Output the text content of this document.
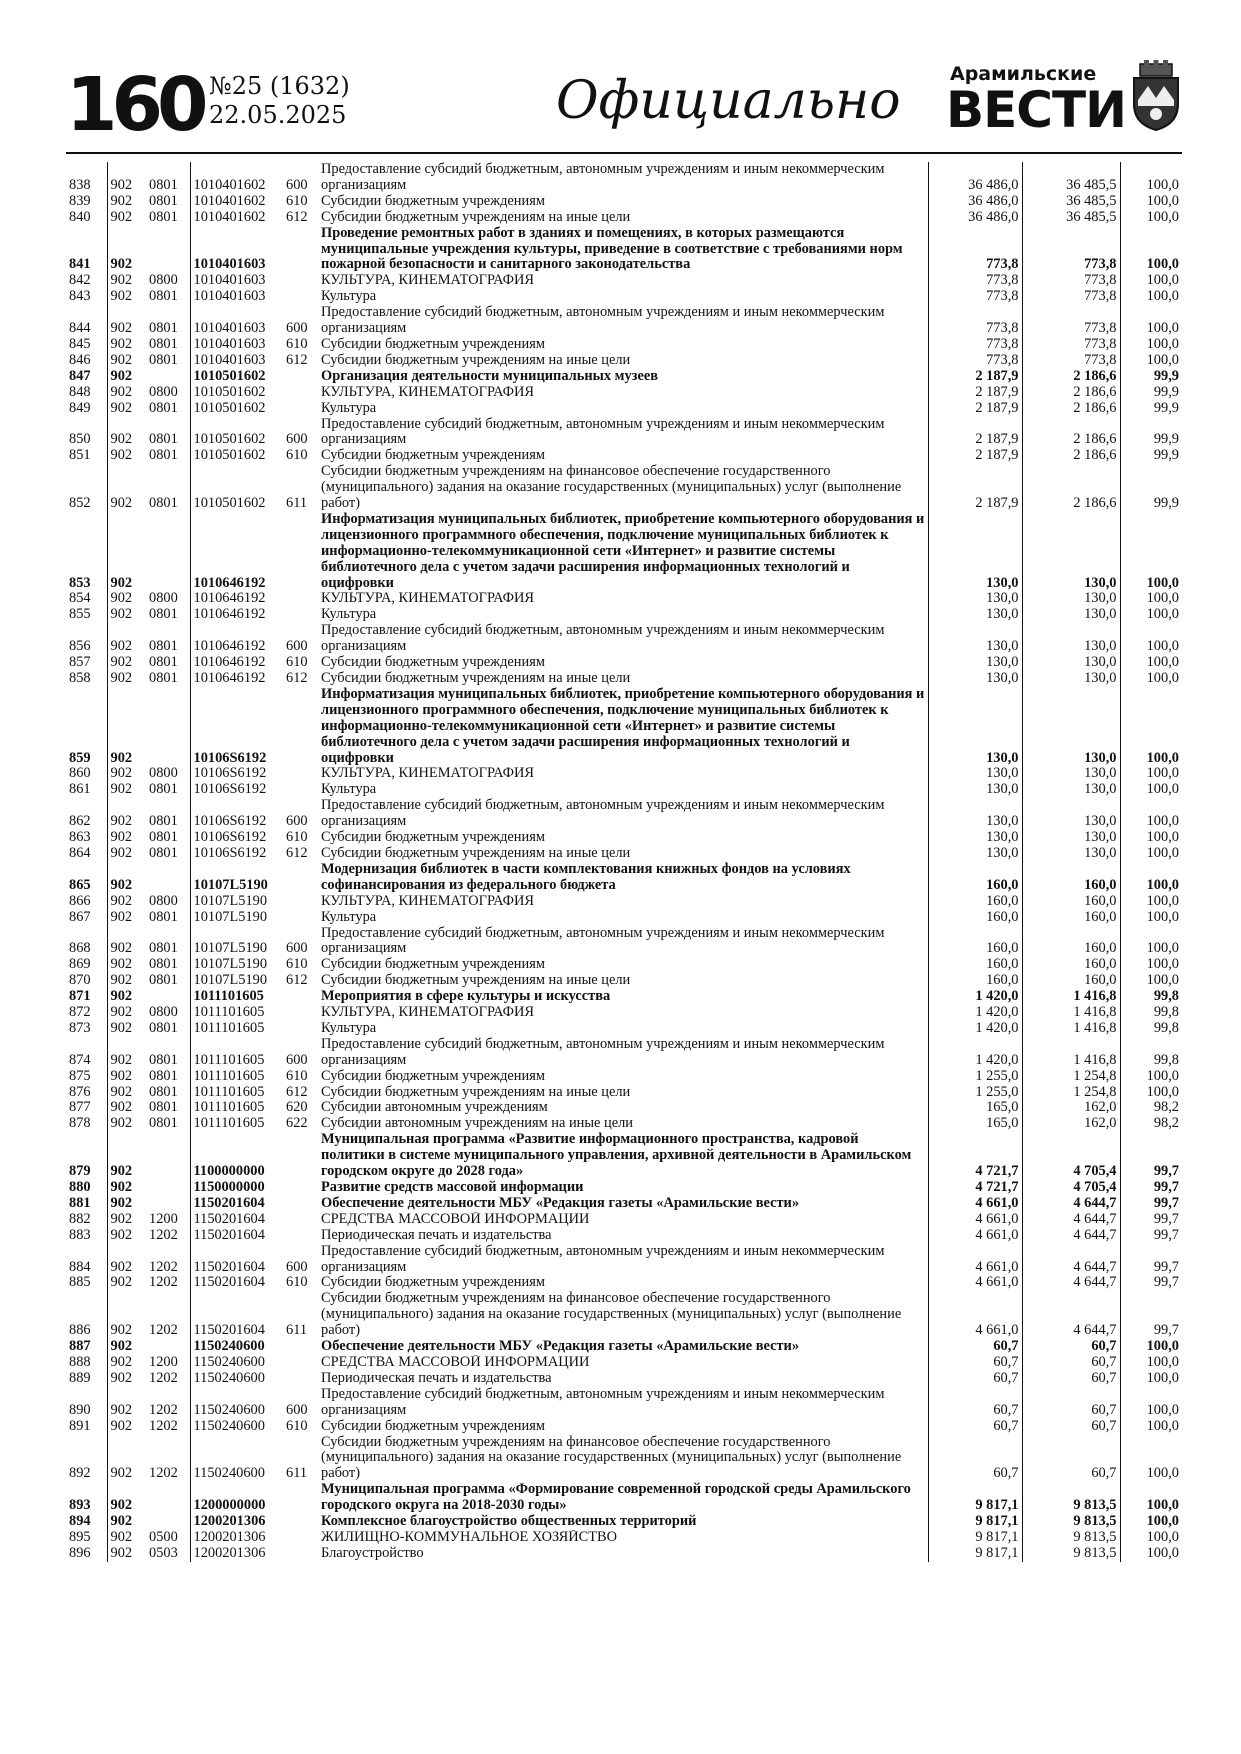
160 №25 (1632)
22.05.2025	Официально	Арамильские
ВЕСТИ
838	902	0801	1010401602	600	Предоставление субсидий бюджетным, автономным учреждениям и иным некоммерческим организациям	36 486,0	36 485,5	100,0
839	902	0801	1010401602	610	Субсидии бюджетным учреждениям	36 486,0	36 485,5	100,0
840	902	0801	1010401602	612	Субсидии бюджетным учреждениям на иные цели	36 486,0	36 485,5	100,0
841	902		1010401603		Проведение ремонтных работ в зданиях и помещениях, в которых размещаются муниципальные учреждения культуры, приведение в соответствие с требованиями норм пожарной безопасности и санитарного законодательства	773,8	773,8	100,0
842	902	0800	1010401603		КУЛЬТУРА, КИНЕМАТОГРАФИЯ	773,8	773,8	100,0
843	902	0801	1010401603		Культура	773,8	773,8	100,0
844	902	0801	1010401603	600	Предоставление субсидий бюджетным, автономным учреждениям и иным некоммерческим организациям	773,8	773,8	100,0
845	902	0801	1010401603	610	Субсидии бюджетным учреждениям	773,8	773,8	100,0
846	902	0801	1010401603	612	Субсидии бюджетным учреждениям на иные цели	773,8	773,8	100,0
847	902		1010501602		Организация деятельности муниципальных музеев	2 187,9	2 186,6	99,9
848	902	0800	1010501602		КУЛЬТУРА, КИНЕМАТОГРАФИЯ	2 187,9	2 186,6	99,9
849	902	0801	1010501602		Культура	2 187,9	2 186,6	99,9
850	902	0801	1010501602	600	Предоставление субсидий бюджетным, автономным учреждениям и иным некоммерческим организациям	2 187,9	2 186,6	99,9
851	902	0801	1010501602	610	Субсидии бюджетным учреждениям	2 187,9	2 186,6	99,9
852	902	0801	1010501602	611	Субсидии бюджетным учреждениям на финансовое обеспечение государственного (муниципального) задания на оказание государственных (муниципальных) услуг (выполнение работ)	2 187,9	2 186,6	99,9
853	902		1010646192		Информатизация муниципальных библиотек, приобретение компьютерного оборудования и лицензионного программного обеспечения, подключение муниципальных библиотек к информационно-телекоммуникационной сети «Интернет» и развитие системы библиотечного дела с учетом задачи расширения информационных технологий и оцифровки	130,0	130,0	100,0
854	902	0800	1010646192		КУЛЬТУРА, КИНЕМАТОГРАФИЯ	130,0	130,0	100,0
855	902	0801	1010646192		Культура	130,0	130,0	100,0
856	902	0801	1010646192	600	Предоставление субсидий бюджетным, автономным учреждениям и иным некоммерческим организациям	130,0	130,0	100,0
857	902	0801	1010646192	610	Субсидии бюджетным учреждениям	130,0	130,0	100,0
858	902	0801	1010646192	612	Субсидии бюджетным учреждениям на иные цели	130,0	130,0	100,0
859	902		10106S6192		Информатизация муниципальных библиотек, приобретение компьютерного оборудования и лицензионного программного обеспечения, подключение муниципальных библиотек к информационно-телекоммуникационной сети «Интернет» и развитие системы библиотечного дела с учетом задачи расширения информационных технологий и оцифровки	130,0	130,0	100,0
860	902	0800	10106S6192		КУЛЬТУРА, КИНЕМАТОГРАФИЯ	130,0	130,0	100,0
861	902	0801	10106S6192		Культура	130,0	130,0	100,0
862	902	0801	10106S6192	600	Предоставление субсидий бюджетным, автономным учреждениям и иным некоммерческим организациям	130,0	130,0	100,0
863	902	0801	10106S6192	610	Субсидии бюджетным учреждениям	130,0	130,0	100,0
864	902	0801	10106S6192	612	Субсидии бюджетным учреждениям на иные цели	130,0	130,0	100,0
865	902		10107L5190		Модернизация библиотек в части комплектования книжных фондов на условиях софинансирования из федерального бюджета	160,0	160,0	100,0
866	902	0800	10107L5190		КУЛЬТУРА, КИНЕМАТОГРАФИЯ	160,0	160,0	100,0
867	902	0801	10107L5190		Культура	160,0	160,0	100,0
868	902	0801	10107L5190	600	Предоставление субсидий бюджетным, автономным учреждениям и иным некоммерческим организациям	160,0	160,0	100,0
869	902	0801	10107L5190	610	Субсидии бюджетным учреждениям	160,0	160,0	100,0
870	902	0801	10107L5190	612	Субсидии бюджетным учреждениям на иные цели	160,0	160,0	100,0
871	902		1011101605		Мероприятия в сфере культуры и искусства	1 420,0	1 416,8	99,8
872	902	0800	1011101605		КУЛЬТУРА, КИНЕМАТОГРАФИЯ	1 420,0	1 416,8	99,8
873	902	0801	1011101605		Культура	1 420,0	1 416,8	99,8
874	902	0801	1011101605	600	Предоставление субсидий бюджетным, автономным учреждениям и иным некоммерческим организациям	1 420,0	1 416,8	99,8
875	902	0801	1011101605	610	Субсидии бюджетным учреждениям	1 255,0	1 254,8	100,0
876	902	0801	1011101605	612	Субсидии бюджетным учреждениям на иные цели	1 255,0	1 254,8	100,0
877	902	0801	1011101605	620	Субсидии автономным учреждениям	165,0	162,0	98,2
878	902	0801	1011101605	622	Субсидии автономным учреждениям на иные цели	165,0	162,0	98,2
879	902		1100000000		Муниципальная программа «Развитие информационного пространства, кадровой политики в системе муниципального управления, архивной деятельности в Арамильском городском округе до 2028 года»	4 721,7	4 705,4	99,7
880	902		1150000000		Развитие средств массовой информации	4 721,7	4 705,4	99,7
881	902		1150201604		Обеспечение деятельности МБУ «Редакция газеты «Арамильские вести»	4 661,0	4 644,7	99,7
882	902	1200	1150201604		СРЕДСТВА МАССОВОЙ ИНФОРМАЦИИ	4 661,0	4 644,7	99,7
883	902	1202	1150201604		Периодическая печать и издательства	4 661,0	4 644,7	99,7
884	902	1202	1150201604	600	Предоставление субсидий бюджетным, автономным учреждениям и иным некоммерческим организациям	4 661,0	4 644,7	99,7
885	902	1202	1150201604	610	Субсидии бюджетным учреждениям	4 661,0	4 644,7	99,7
886	902	1202	1150201604	611	Субсидии бюджетным учреждениям на финансовое обеспечение государственного (муниципального) задания на оказание государственных (муниципальных) услуг (выполнение работ)	4 661,0	4 644,7	99,7
887	902		1150240600		Обеспечение деятельности МБУ «Редакция газеты «Арамильские вести»	60,7	60,7	100,0
888	902	1200	1150240600		СРЕДСТВА МАССОВОЙ ИНФОРМАЦИИ	60,7	60,7	100,0
889	902	1202	1150240600		Периодическая печать и издательства	60,7	60,7	100,0
890	902	1202	1150240600	600	Предоставление субсидий бюджетным, автономным учреждениям и иным некоммерческим организациям	60,7	60,7	100,0
891	902	1202	1150240600	610	Субсидии бюджетным учреждениям	60,7	60,7	100,0
892	902	1202	1150240600	611	Субсидии бюджетным учреждениям на финансовое обеспечение государственного (муниципального) задания на оказание государственных (муниципальных) услуг (выполнение работ)	60,7	60,7	100,0
893	902		1200000000		Муниципальная программа «Формирование современной городской среды Арамильского городского округа на 2018-2030 годы»	9 817,1	9 813,5	100,0
894	902		1200201306		Комплексное благоустройство общественных территорий	9 817,1	9 813,5	100,0
895	902	0500	1200201306		ЖИЛИЩНО-КОММУНАЛЬНОЕ ХОЗЯЙСТВО	9 817,1	9 813,5	100,0
896	902	0503	1200201306		Благоустройство	9 817,1	9 813,5	100,0
